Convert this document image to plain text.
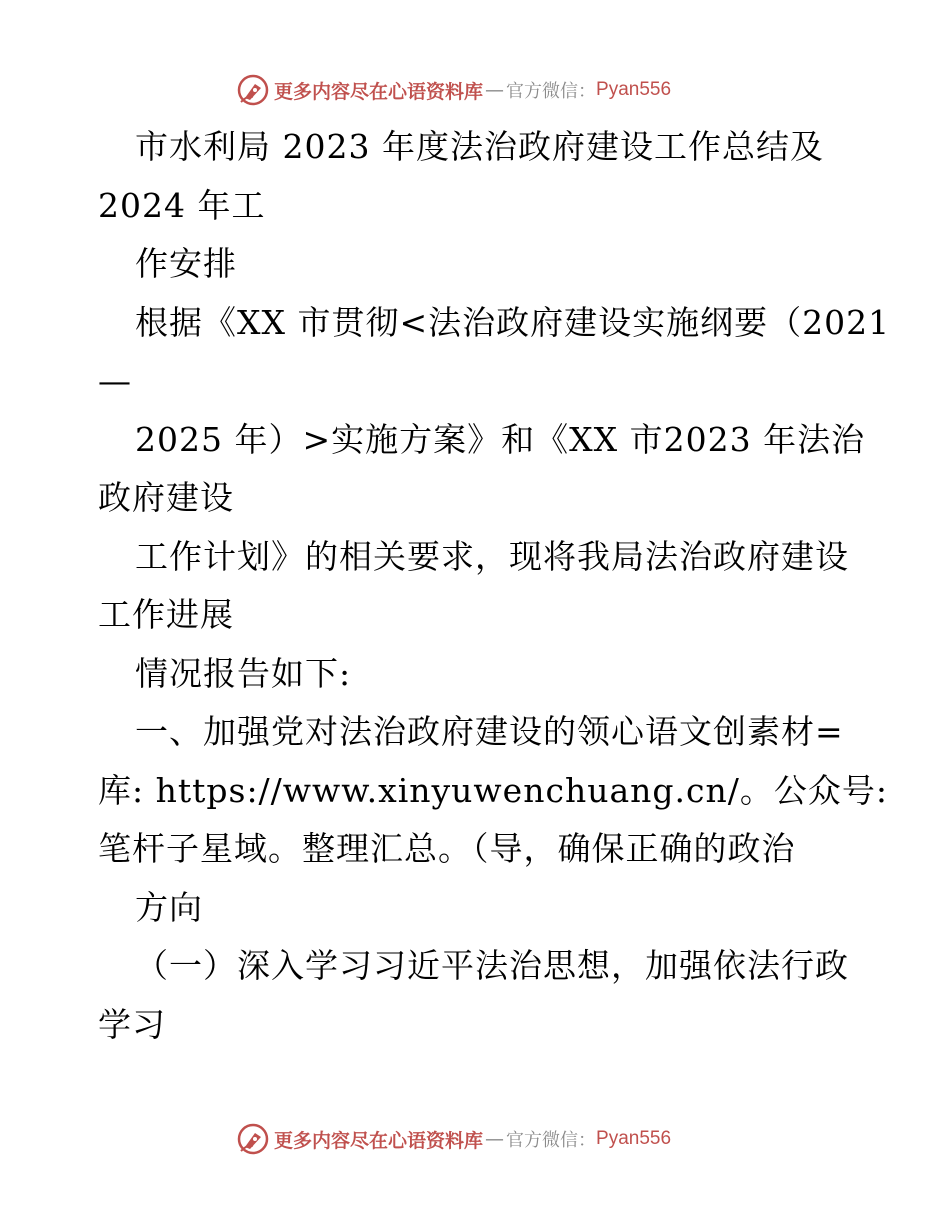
更多内容尽在心语资料库 — 官方微信： Pyan556
市水利局 2023 年度法治政府建设工作总结及
2024 年工
作安排
根据《XX 市贯彻<法治政府建设实施纲要（2021
—
2025 年）>实施方案》和《XX 市2023 年法治
政府建设
工作计划》的相关要求，现将我局法治政府建设
工作进展
情况报告如下:
一、加强党对法治政府建设的领心语文创素材=
库: https://www.xinyuwenchuang.cn/。公众号:
笔杆子星域。整理汇总。（导，确保正确的政治
方向
（一）深入学习习近平法治思想，加强依法行政
学习
更多内容尽在心语资料库 — 官方微信： Pyan556
